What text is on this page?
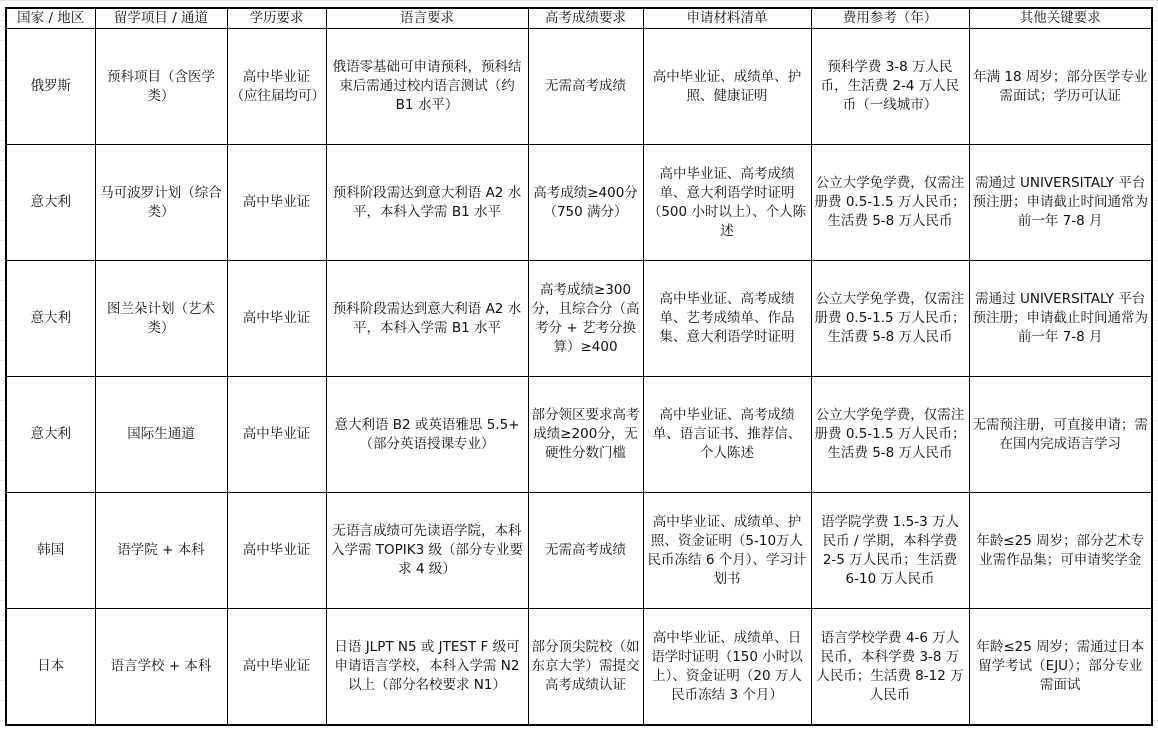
国家 / 地区	留学项目 / 通道	学历要求	语言要求	高考成绩要求	申请材料清单	费用参考（年）	其他关键要求
俄罗斯	预科项目（含医学类）	高中毕业证（应往届均可）	俄语零基础可申请预科，预科结束后需通过校内语言测试（约 B1 水平）	无需高考成绩	高中毕业证、成绩单、护照、健康证明	预科学费 3-8 万人民币，生活费 2-4 万人民币（一线城市）	年满 18 周岁；部分医学专业需面试；学历可认证
意大利	马可波罗计划（综合类）	高中毕业证	预科阶段需达到意大利语 A2 水平，本科入学需 B1 水平	高考成绩≥400分（750 满分）	高中毕业证、高考成绩单、意大利语学时证明（500 小时以上）、个人陈述	公立大学免学费，仅需注册费 0.5-1.5 万人民币；生活费 5-8 万人民币	需通过 UNIVERSITALY 平台预注册；申请截止时间通常为前一年 7-8 月
意大利	图兰朵计划（艺术类）	高中毕业证	预科阶段需达到意大利语 A2 水平，本科入学需 B1 水平	高考成绩≥300分，且综合分（高考分 + 艺考分换算）≥400	高中毕业证、高考成绩单、艺考成绩单、作品集、意大利语学时证明	公立大学免学费，仅需注册费 0.5-1.5 万人民币；生活费 5-8 万人民币	需通过 UNIVERSITALY 平台预注册；申请截止时间通常为前一年 7-8 月
意大利	国际生通道	高中毕业证	意大利语 B2 或英语雅思 5.5+（部分英语授课专业）	部分领区要求高考成绩≥200分，无硬性分数门槛	高中毕业证、高考成绩单、语言证书、推荐信、个人陈述	公立大学免学费，仅需注册费 0.5-1.5 万人民币；生活费 5-8 万人民币	无需预注册，可直接申请；需在国内完成语言学习
韩国	语学院 + 本科	高中毕业证	无语言成绩可先读语学院，本科入学需 TOPIK3 级（部分专业要求 4 级）	无需高考成绩	高中毕业证、成绩单、护照、资金证明（5-10万人民币冻结 6 个月）、学习计划书	语学院学费 1.5-3 万人民币 / 学期，本科学费 2-5 万人民币；生活费 6-10 万人民币	年龄≤25 周岁；部分艺术专业需作品集；可申请奖学金
日本	语言学校 + 本科	高中毕业证	日语 JLPT N5 或 JTEST F 级可申请语言学校，本科入学需 N2 以上（部分名校要求 N1）	部分顶尖院校（如东京大学）需提交高考成绩认证	高中毕业证、成绩单、日语学时证明（150 小时以上）、资金证明（20 万人民币冻结 3 个月）	语言学校学费 4-6 万人民币，本科学费 3-8 万人民币；生活费 8-12 万人民币	年龄≤25 周岁；需通过日本留学考试（EJU）；部分专业需面试
